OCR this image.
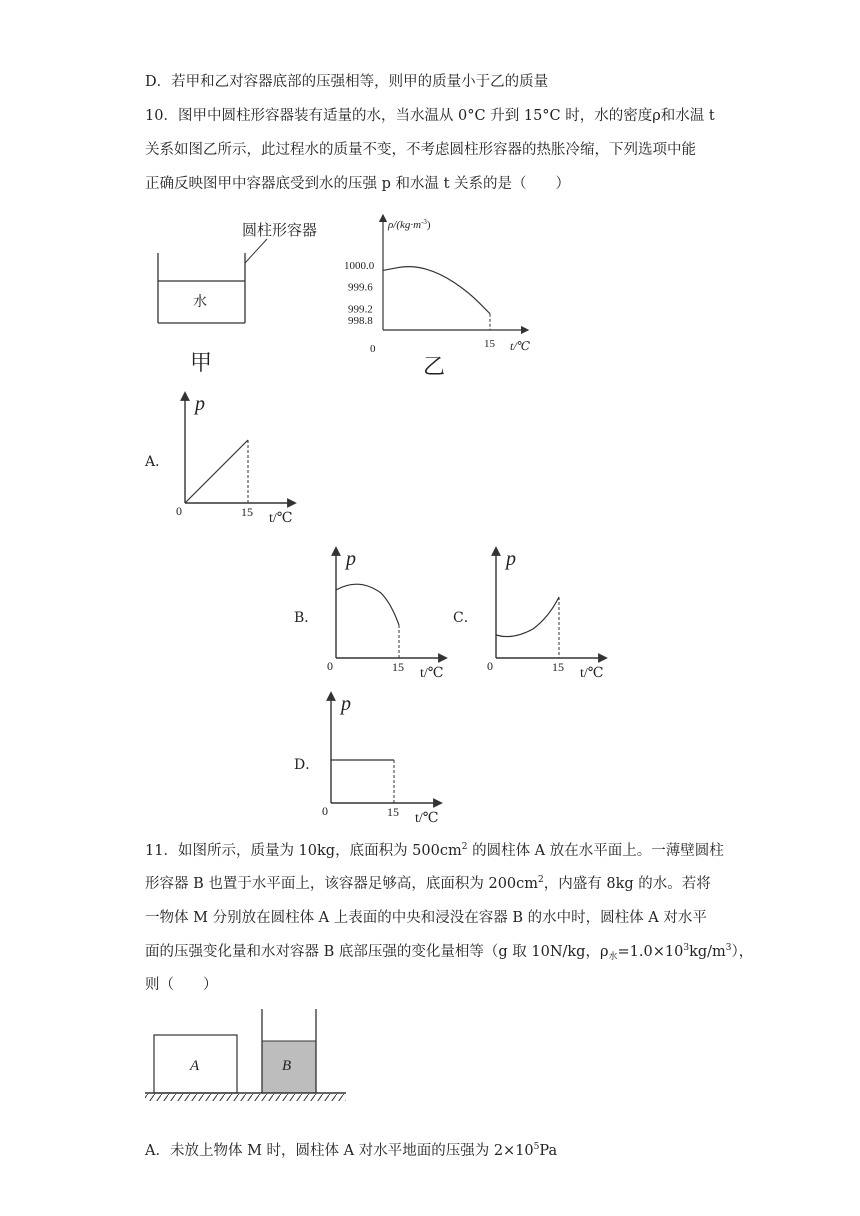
D．若甲和乙对容器底部的压强相等，则甲的质量小于乙的质量
10．图甲中圆柱形容器装有适量的水，当水温从 0°C 升到 15°C 时，水的密度ρ和水温 t
关系如图乙所示，此过程水的质量不变，不考虑圆柱形容器的热胀冷缩，下列选项中能
正确反映图甲中容器底受到水的压强 p 和水温 t 关系的是（　　）
圆柱形容器
水
甲
$\rho/(kg\cdot m^{-3})$
1000.0
999.6
999.2
998.8
0	15 t/℃
乙
A．
p
0	15 t/℃
B．
p
0	15 t/℃
C．
p
0	15 t/℃
D．
p
0	15 t/℃
11．如图所示，质量为 10kg，底面积为 $500cm^2$ 的圆柱体 A 放在水平面上。一薄壁圆柱
形容器 B 也置于水平面上，该容器足够高，底面积为 $200cm^2$，内盛有 8kg 的水。若将
一物体 M 分别放在圆柱体 A 上表面的中央和浸没在容器 B 的水中时，圆柱体 A 对水平
面的压强变化量和水对容器 B 底部压强的变化量相等（g 取 10N/kg，$\rho_水=1.0\times 10^3kg/m^3$），
则（　　）
A	B
A．未放上物体 M 时，圆柱体 A 对水平地面的压强为 $2\times 10^5Pa$
